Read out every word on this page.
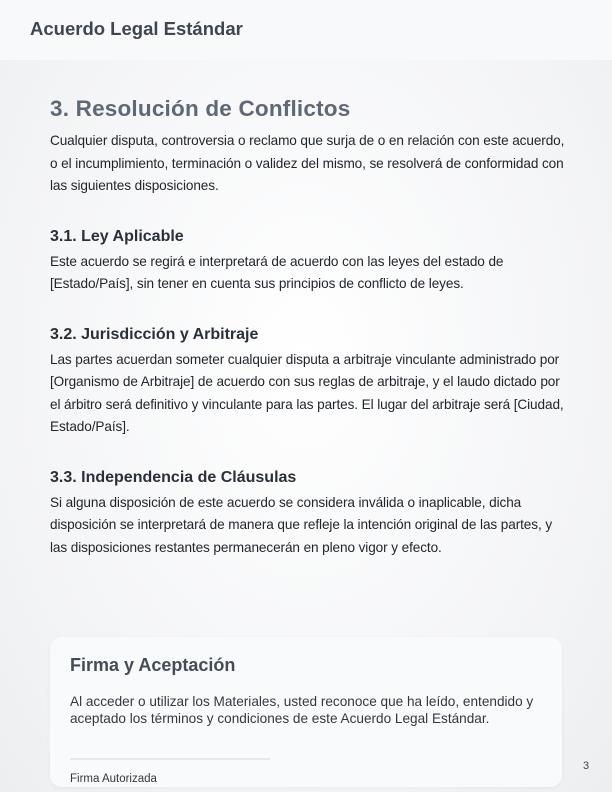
Acuerdo Legal Estándar
3. Resolución de Conflictos

Cualquier disputa, controversia o reclamo que surja de o en relación con este acuerdo, o el incumplimiento, terminación o validez del mismo, se resolverá de conformidad con las siguientes disposiciones.

3.1. Ley Aplicable

Este acuerdo se regirá e interpretará de acuerdo con las leyes del estado de [Estado/País], sin tener en cuenta sus principios de conflicto de leyes.

3.2. Jurisdicción y Arbitraje

Las partes acuerdan someter cualquier disputa a arbitraje vinculante administrado por [Organismo de Arbitraje] de acuerdo con sus reglas de arbitraje, y el laudo dictado por el árbitro será definitivo y vinculante para las partes. El lugar del arbitraje será [Ciudad, Estado/País].

3.3. Independencia de Cláusulas

Si alguna disposición de este acuerdo se considera inválida o inaplicable, dicha disposición se interpretará de manera que refleje la intención original de las partes, y las disposiciones restantes permanecerán en pleno vigor y efecto.

Firma y Aceptación
Al acceder o utilizar los Materiales, usted reconoce que ha leído, entendido y aceptado los términos y condiciones de este Acuerdo Legal Estándar.
Firma Autorizada
3
